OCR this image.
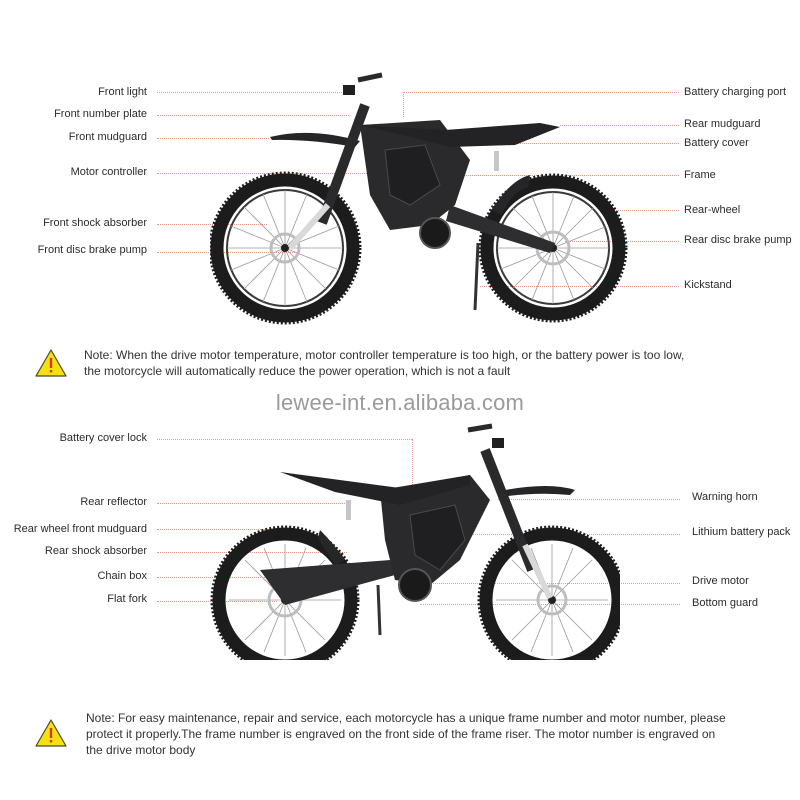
Front light
Front number plate
Front mudguard
Motor controller
Front shock absorber
Front disc brake pump
Battery charging port
Rear mudguard
Battery cover
Frame
Rear-wheel
Rear disc brake pump
Kickstand
Note: When the drive motor temperature, motor controller temperature is too high, or the battery power is too low,
the motorcycle will automatically reduce the power operation, which is not a fault
lewee-int.en.alibaba.com
Battery cover lock
Rear reflector
Rear wheel front mudguard
Rear shock absorber
Chain box
Flat fork
Warning horn
Lithium battery pack
Drive motor
Bottom guard
Note: For easy maintenance, repair and service, each motorcycle has a unique frame number and motor number, please
protect it properly.The frame number is engraved on the front side of the frame riser. The motor number is engraved on
the drive motor body
